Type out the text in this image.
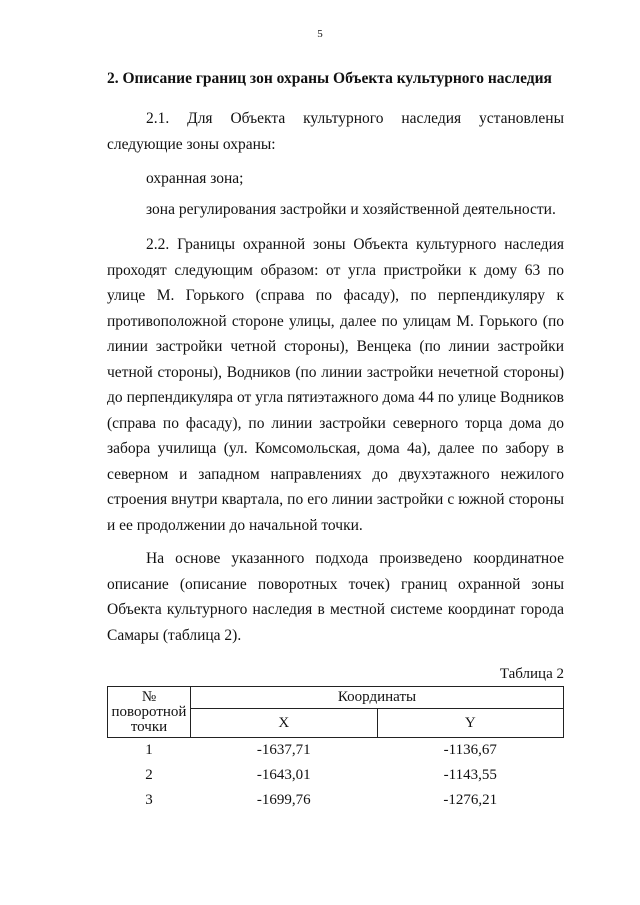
5
2. Описание границ зон охраны Объекта культурного наследия
2.1. Для Объекта культурного наследия установлены следующие зоны охраны:
охранная зона;
зона регулирования застройки и хозяйственной деятельности.
2.2. Границы охранной зоны Объекта культурного наследия проходят следующим образом: от угла пристройки к дому 63 по улице М. Горького (справа по фасаду), по перпендикуляру к противоположной стороне улицы, далее по улицам М. Горького (по линии застройки четной стороны), Венцека (по линии застройки четной стороны), Водников (по линии застройки нечетной стороны) до перпендикуляра от угла пятиэтажного дома 44 по улице Водников (справа по фасаду), по линии застройки северного торца дома до забора училища (ул. Комсомольская, дома 4а), далее по забору в северном и западном направлениях до двухэтажного нежилого строения внутри квартала, по его линии застройки с южной стороны и ее продолжении до начальной точки.
На основе указанного подхода произведено координатное описание (описание поворотных точек) границ охранной зоны Объекта культурного наследия в местной системе координат города Самары (таблица 2).
Таблица 2
№ поворотной точки	Координаты	
	X	Y
1	-1637,71	-1136,67
2	-1643,01	-1143,55
3	-1699,76	-1276,21
